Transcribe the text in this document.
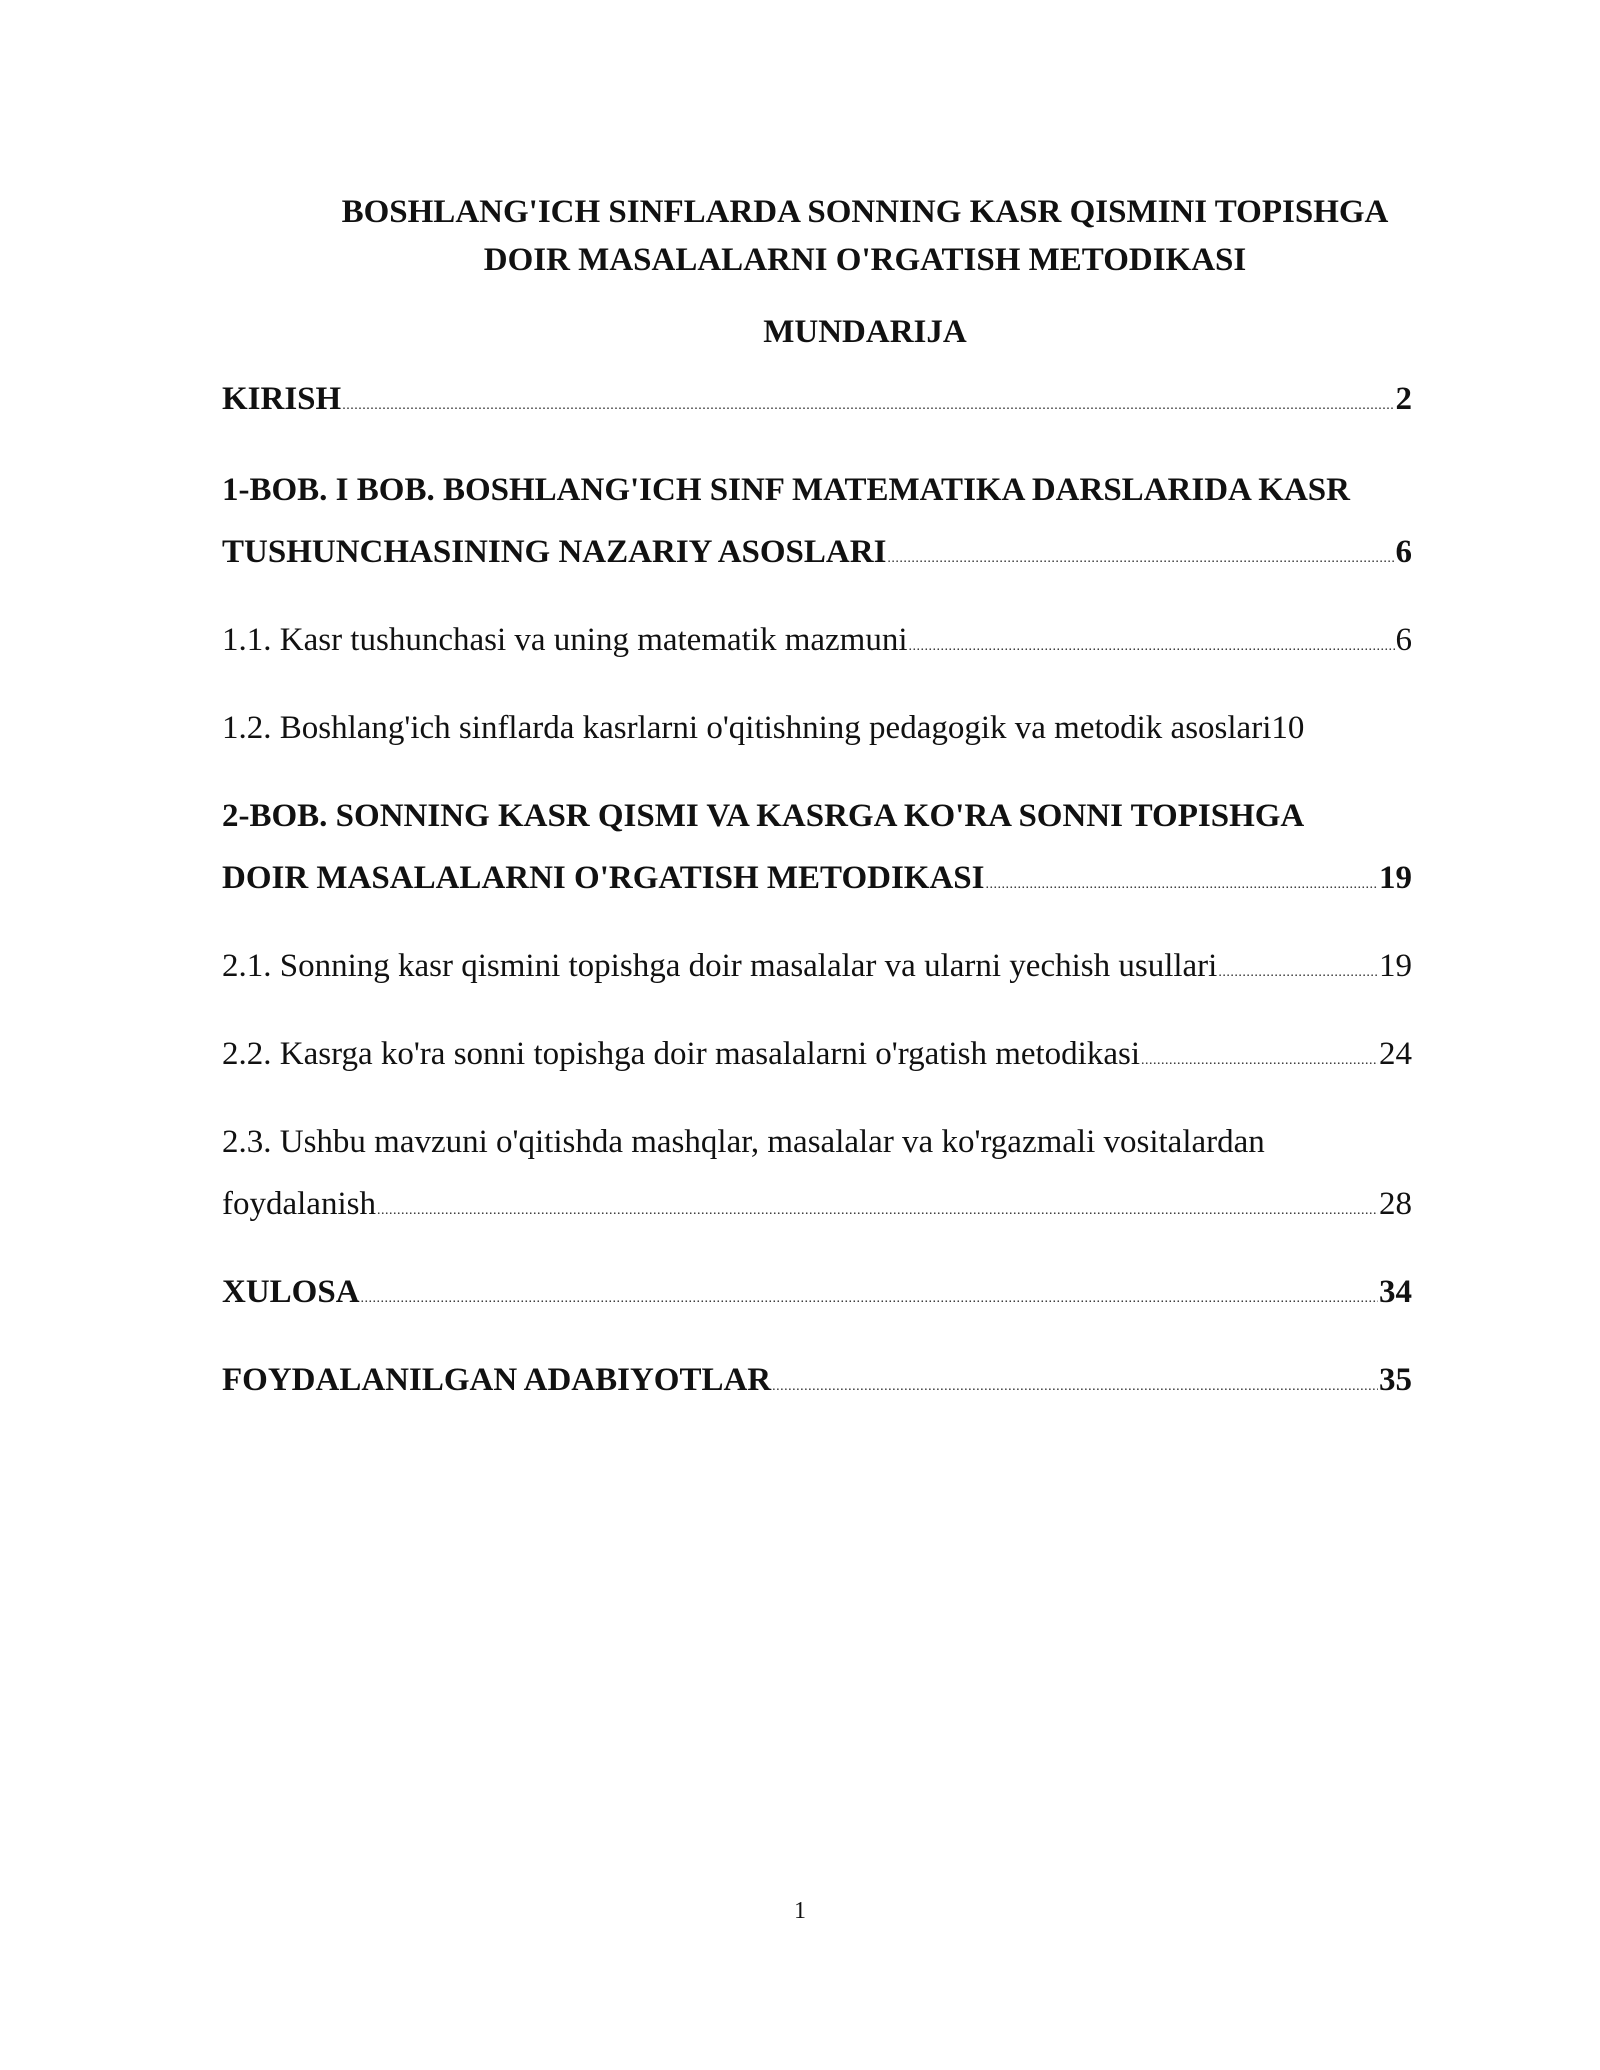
BOSHLANG'ICH SINFLARDA SONNING KASR QISMINI TOPISHGA
DOIR MASALALARNI O'RGATISH METODIKASI
MUNDARIJA
KIRISH .....	2
1-BOB. I BOB. BOSHLANG'ICH SINF MATEMATIKA DARSLARIDA KASR
TUSHUNCHASINING NAZARIY ASOSLARI .....	6
1.1. Kasr tushunchasi va uning matematik mazmuni .....	6
1.2. Boshlang'ich sinflarda kasrlarni o'qitishning pedagogik va metodik asoslari 10
2-BOB. SONNING KASR QISMI VA KASRGA KO'RA SONNI TOPISHGA
DOIR MASALALARNI O'RGATISH METODIKASI .....	19
2.1. Sonning kasr qismini topishga doir masalalar va ularni yechish usullari .....	19
2.2. Kasrga ko'ra sonni topishga doir masalalarni o'rgatish metodikasi .....	24
2.3. Ushbu mavzuni o'qitishda mashqlar, masalalar va ko'rgazmali vositalardan
foydalanish .....	28
XULOSA .....	34
FOYDALANILGAN ADABIYOTLAR .....	35
1
